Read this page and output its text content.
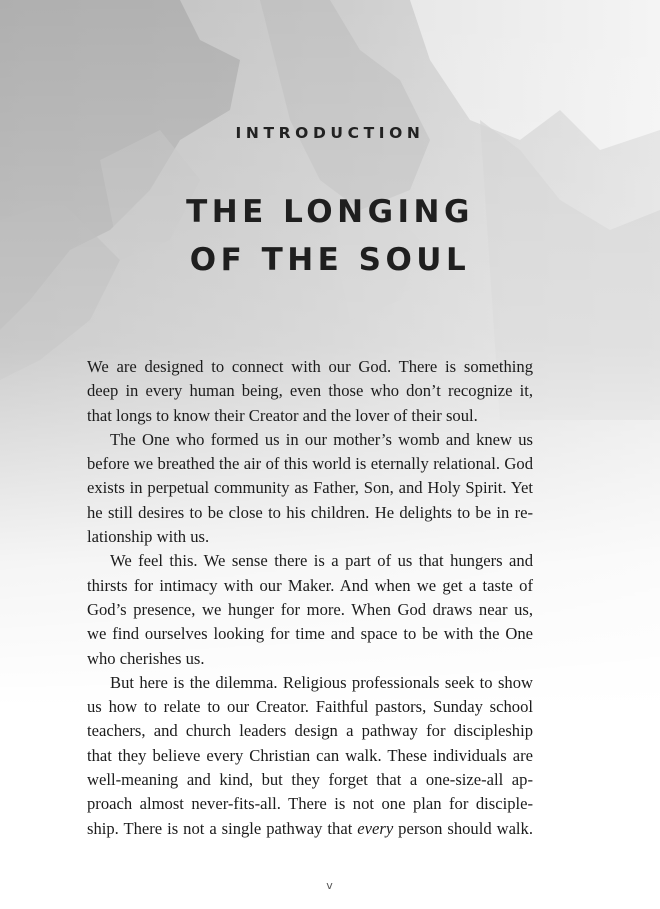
INTRODUCTION
THE LONGING
OF THE SOUL

We are designed to connect with our God. There is something

deep in every human being, even those who don’t recognize it,

that longs to know their Creator and the lover of their soul.

The One who formed us in our mother’s womb and knew us

before we breathed the air of this world is eternally relational. God

exists in perpetual community as Father, Son, and Holy Spirit. Yet

he still desires to be close to his children. He delights to be in re-

lationship with us.

We feel this. We sense there is a part of us that hungers and

thirsts for intimacy with our Maker. And when we get a taste of

God’s presence, we hunger for more. When God draws near us,

we find ourselves looking for time and space to be with the One

who cherishes us.

But here is the dilemma. Religious professionals seek to show

us how to relate to our Creator. Faithful pastors, Sunday school

teachers, and church leaders design a pathway for discipleship

that they believe every Christian can walk. These individuals are

well-meaning and kind, but they forget that a one-size-all ap-

proach almost never-fits-all. There is not one plan for disciple-

ship. There is not a single pathway that every person should walk.

v
